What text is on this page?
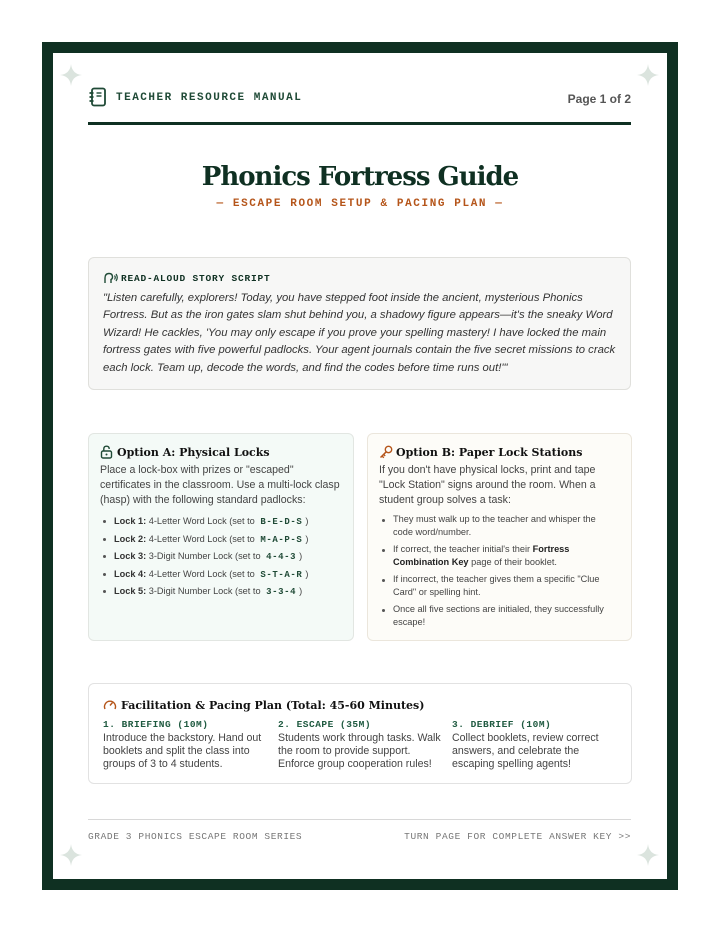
TEACHER RESOURCE MANUAL	Page 1 of 2
Phonics Fortress Guide
— ESCAPE ROOM SETUP & PACING PLAN —
READ-ALOUD STORY SCRIPT
"Listen carefully, explorers! Today, you have stepped foot inside the ancient, mysterious Phonics Fortress. But as the iron gates slam shut behind you, a shadowy figure appears—it's the sneaky Word Wizard! He cackles, 'You may only escape if you prove your spelling mastery! I have locked the main fortress gates with five powerful padlocks. Your agent journals contain the five secret missions to crack each lock. Team up, decode the words, and find the codes before time runs out!'"
Option A: Physical Locks
Place a lock-box with prizes or "escaped" certificates in the classroom. Use a multi-lock clasp (hasp) with the following standard padlocks:
Lock 1: 4-Letter Word Lock (set to B-E-D-S )
Lock 2: 4-Letter Word Lock (set to M-A-P-S )
Lock 3: 3-Digit Number Lock (set to 4-4-3 )
Lock 4: 4-Letter Word Lock (set to S-T-A-R )
Lock 5: 3-Digit Number Lock (set to 3-3-4 )
Option B: Paper Lock Stations
If you don't have physical locks, print and tape "Lock Station" signs around the room. When a student group solves a task:
They must walk up to the teacher and whisper the code word/number.
If correct, the teacher initial's their Fortress Combination Key page of their booklet.
If incorrect, the teacher gives them a specific "Clue Card" or spelling hint.
Once all five sections are initialed, they successfully escape!
Facilitation & Pacing Plan (Total: 45-60 Minutes)
1. BRIEFING (10M)
Introduce the backstory. Hand out booklets and split the class into groups of 3 to 4 students.
2. ESCAPE (35M)
Students work through tasks. Walk the room to provide support. Enforce group cooperation rules!
3. DEBRIEF (10M)
Collect booklets, review correct answers, and celebrate the escaping spelling agents!
GRADE 3 PHONICS ESCAPE ROOM SERIES	TURN PAGE FOR COMPLETE ANSWER KEY >>
